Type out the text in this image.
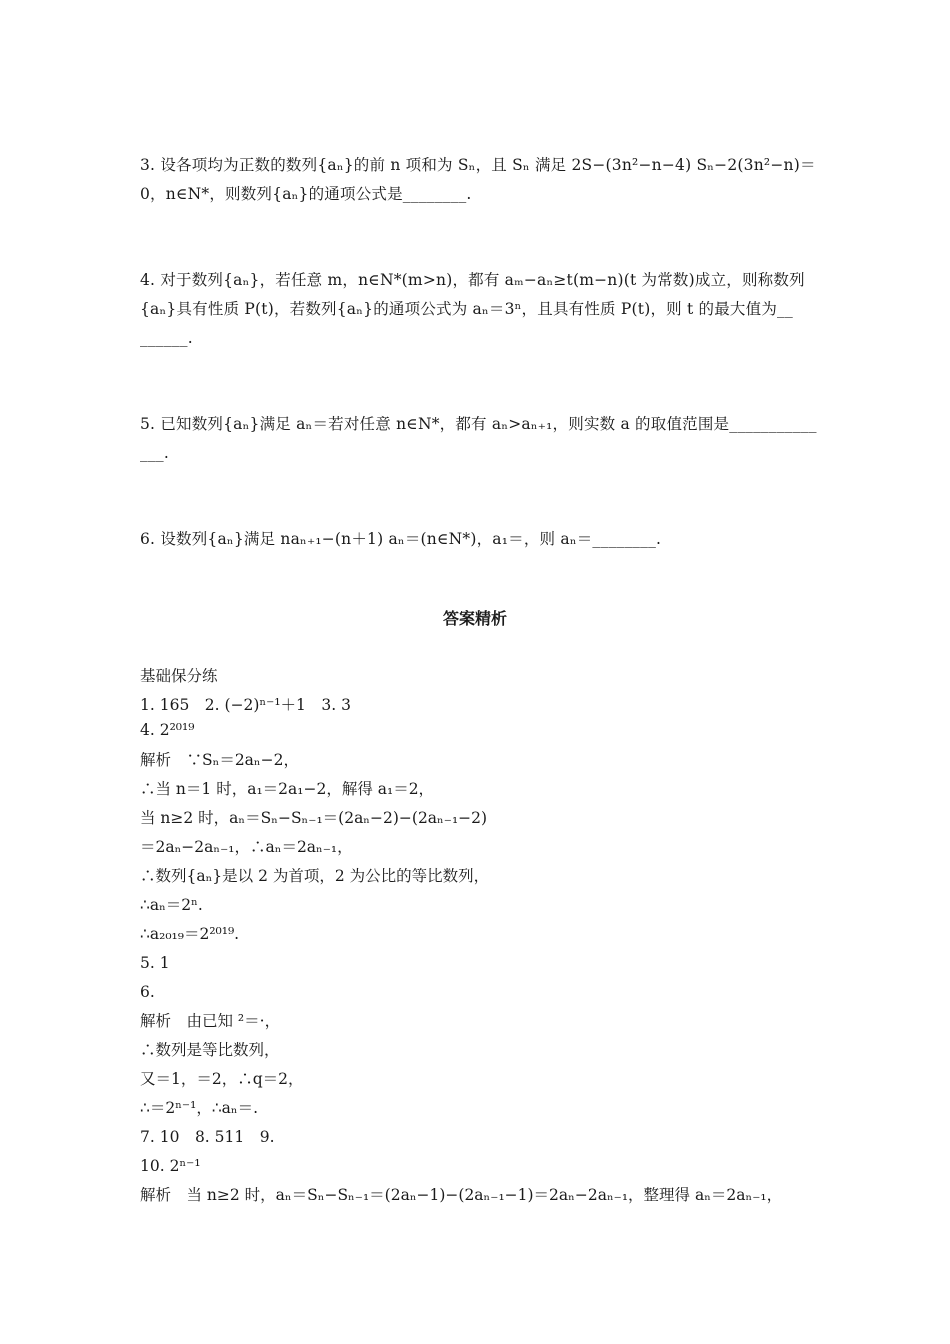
3. 设各项均为正数的数列{aₙ}的前 n 项和为 Sₙ，且 Sₙ 满足 2S−(3n²−n−4) Sₙ−2(3n²−n)＝
0，n∈N*，则数列{aₙ}的通项公式是________.
4. 对于数列{aₙ}，若任意 m，n∈N*(m>n)，都有 aₘ−aₙ≥t(m−n)(t 为常数)成立，则称数列
{aₙ}具有性质 P(t)，若数列{aₙ}的通项公式为 aₙ＝3ⁿ，且具有性质 P(t)，则 t 的最大值为__
______.
5. 已知数列{aₙ}满足 aₙ＝若对任意 n∈N*，都有 aₙ>aₙ₊₁，则实数 a 的取值范围是___________
___.
6. 设数列{aₙ}满足 naₙ₊₁−(n＋1) aₙ＝(n∈N*)，a₁＝，则 aₙ＝________.
答案精析
基础保分练
1. 165　2. (−2)ⁿ⁻¹＋1　3. 3
4. 2²⁰¹⁹
解析　∵Sₙ＝2aₙ−2，
∴当 n＝1 时，a₁＝2a₁−2，解得 a₁＝2，
当 n≥2 时，aₙ＝Sₙ−Sₙ₋₁＝(2aₙ−2)−(2aₙ₋₁−2)
＝2aₙ−2aₙ₋₁，∴aₙ＝2aₙ₋₁，
∴数列{aₙ}是以 2 为首项，2 为公比的等比数列，
∴aₙ＝2ⁿ.
∴a₂₀₁₉＝2²⁰¹⁹.
5. 1
6.
解析　由已知 ²＝·，
∴数列是等比数列，
又＝1，＝2，∴q＝2，
∴＝2ⁿ⁻¹，∴aₙ＝.
7. 10　8. 511　9.
10. 2ⁿ⁻¹
解析　当 n≥2 时，aₙ＝Sₙ−Sₙ₋₁＝(2aₙ−1)−(2aₙ₋₁−1)＝2aₙ−2aₙ₋₁，整理得 aₙ＝2aₙ₋₁，
